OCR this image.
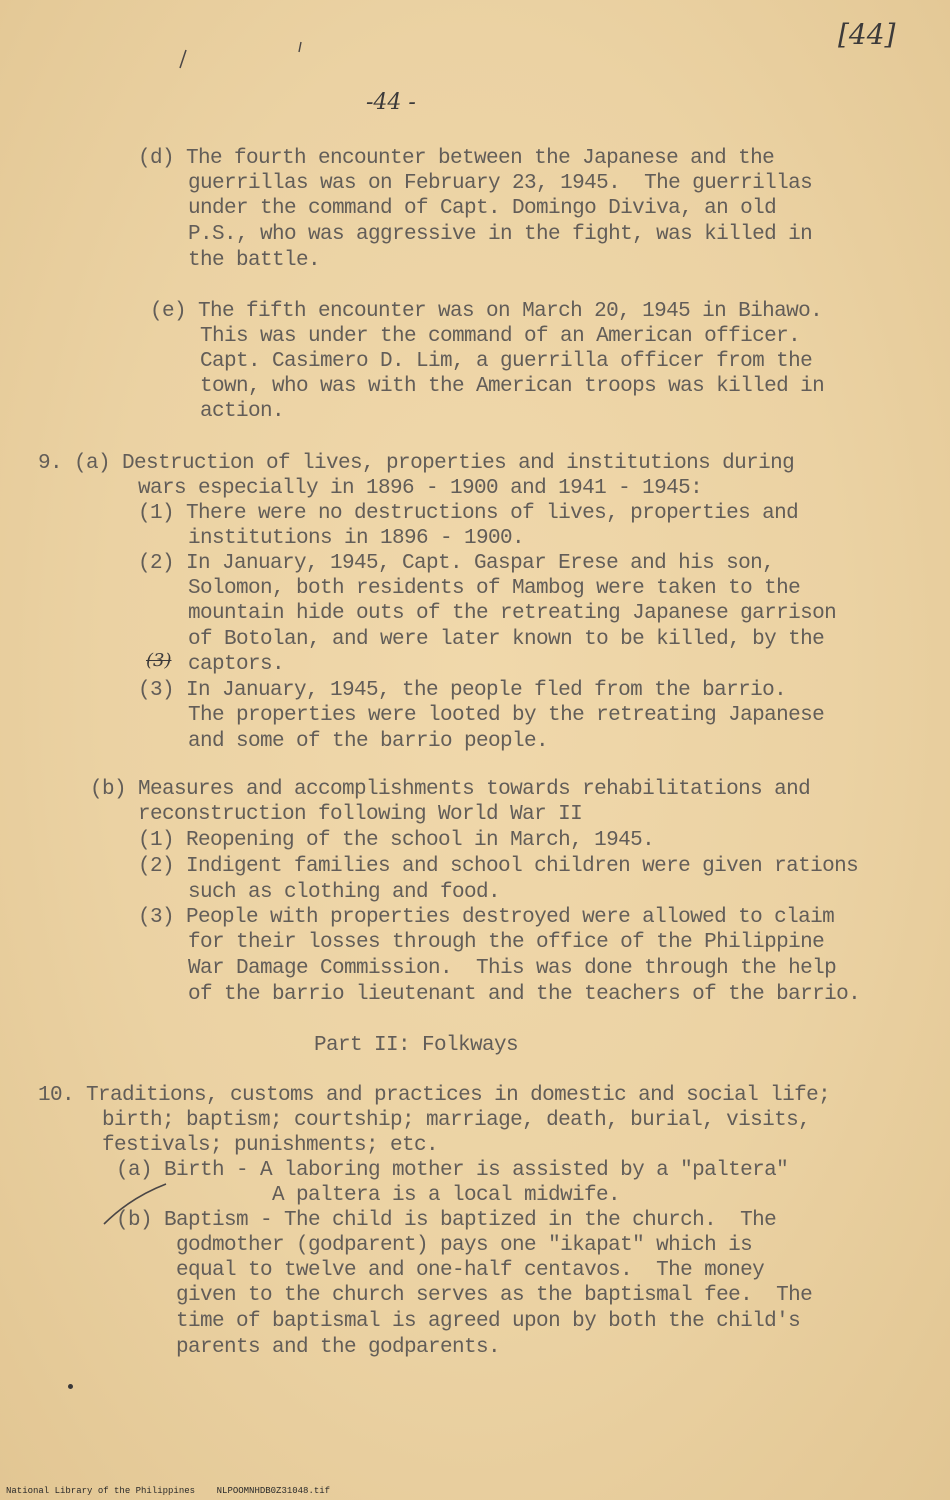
[44]
-44 -
(d) The fourth encounter between the Japanese and the
guerrillas was on February 23, 1945.  The guerrillas
under the command of Capt. Domingo Diviva, an old
P.S., who was aggressive in the fight, was killed in
the battle.
(e) The fifth encounter was on March 20, 1945 in Bihawo.
This was under the command of an American officer.
Capt. Casimero D. Lim, a guerrilla officer from the
town, who was with the American troops was killed in
action.
9. (a) Destruction of lives, properties and institutions during
wars especially in 1896 - 1900 and 1941 - 1945:
(1) There were no destructions of lives, properties and
institutions in 1896 - 1900.
(2) In January, 1945, Capt. Gaspar Erese and his son,
Solomon, both residents of Mambog were taken to the
mountain hide outs of the retreating Japanese garrison
of Botolan, and were later known to be killed, by the
(3) captors.
(3) In January, 1945, the people fled from the barrio.
The properties were looted by the retreating Japanese
and some of the barrio people.
(b) Measures and accomplishments towards rehabilitations and
reconstruction following World War II
(1) Reopening of the school in March, 1945.
(2) Indigent families and school children were given rations
such as clothing and food.
(3) People with properties destroyed were allowed to claim
for their losses through the office of the Philippine
War Damage Commission.  This was done through the help
of the barrio lieutenant and the teachers of the barrio.
Part II: Folkways
10. Traditions, customs and practices in domestic and social life;
birth; baptism; courtship; marriage, death, burial, visits,
festivals; punishments; etc.
(a) Birth - A laboring mother is assisted by a "paltera"
A paltera is a local midwife.
(b) Baptism - The child is baptized in the church.  The
godmother (godparent) pays one "ikapat" which is
equal to twelve and one-half centavos.  The money
given to the church serves as the baptismal fee.  The
time of baptismal is agreed upon by both the child's
parents and the godparents.
National Library of the Philippines NLPOOMNHDB0Z31048.tif
